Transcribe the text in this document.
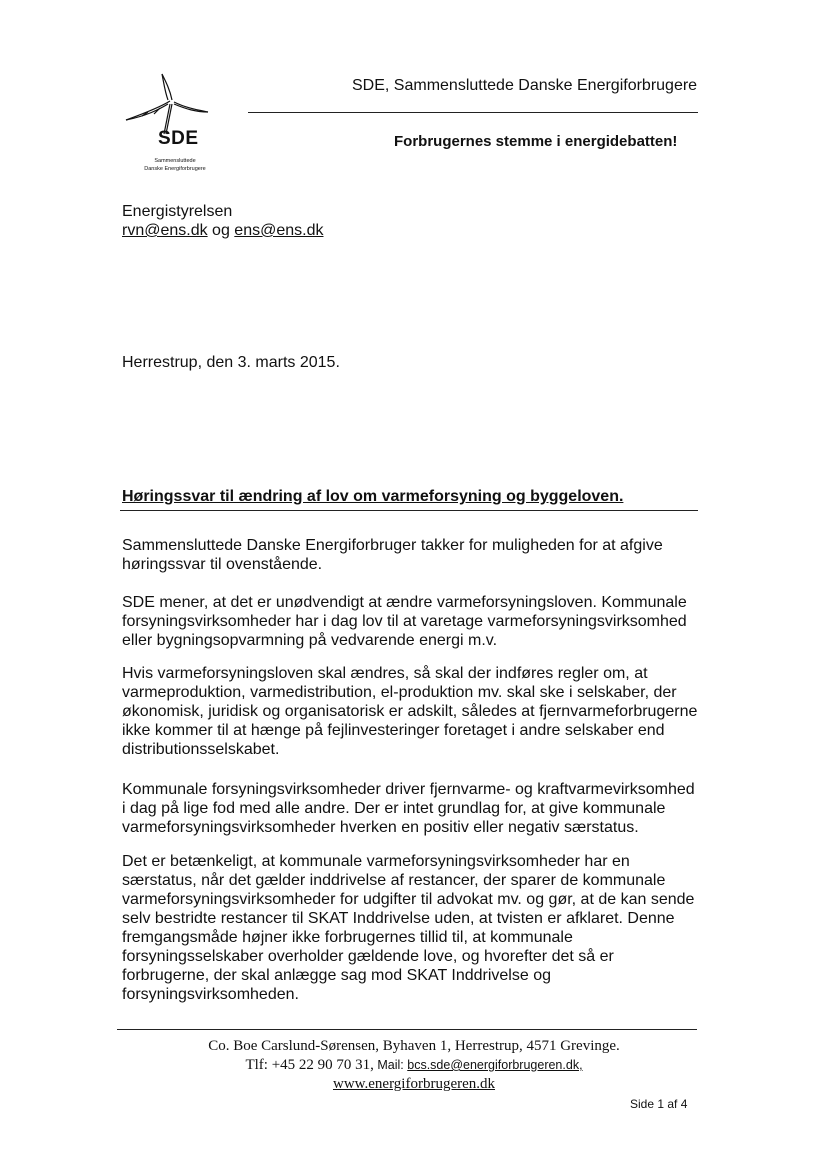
SDE
Sammensluttede
Danske Energiforbrugere
SDE, Sammensluttede Danske Energiforbrugere
Forbrugernes stemme i energidebatten!
Energistyrelsen
rvn@ens.dk og ens@ens.dk
Herrestrup, den 3. marts 2015.
Høringssvar til ændring af lov om varmeforsyning og byggeloven.
Sammensluttede Danske Energiforbruger takker for muligheden for at afgive høringssvar til ovenstående.
SDE mener, at det er unødvendigt at ændre varmeforsyningsloven. Kommunale forsyningsvirksomheder har i dag lov til at varetage varmeforsyningsvirksomhed eller bygningsopvarmning på vedvarende energi m.v.
Hvis varmeforsyningsloven skal ændres, så skal der indføres regler om, at varmeproduktion, varmedistribution, el-produktion mv. skal ske i selskaber, der økonomisk, juridisk og organisatorisk er adskilt, således at fjernvarmeforbrugerne ikke kommer til at hænge på fejlinvesteringer foretaget i andre selskaber end distributionsselskabet.
Kommunale forsyningsvirksomheder driver fjernvarme- og kraftvarmevirksomhed i dag på lige fod med alle andre. Der er intet grundlag for, at give kommunale varmeforsyningsvirksomheder hverken en positiv eller negativ særstatus.
Det er betænkeligt, at kommunale varmeforsyningsvirksomheder har en særstatus, når det gælder inddrivelse af restancer, der sparer de kommunale varmeforsyningsvirksomheder for udgifter til advokat mv. og gør, at de kan sende selv bestridte restancer til SKAT Inddrivelse uden, at tvisten er afklaret. Denne fremgangsmåde højner ikke forbrugernes tillid til, at kommunale forsyningsselskaber overholder gældende love, og hvorefter det så er forbrugerne, der skal anlægge sag mod SKAT Inddrivelse og forsyningsvirksomheden.
Co. Boe Carslund-Sørensen, Byhaven 1, Herrestrup, 4571 Grevinge.
Tlf: +45 22 90 70 31, Mail: bcs.sde@energiforbrugeren.dk,
www.energiforbrugeren.dk
Side 1 af 4
